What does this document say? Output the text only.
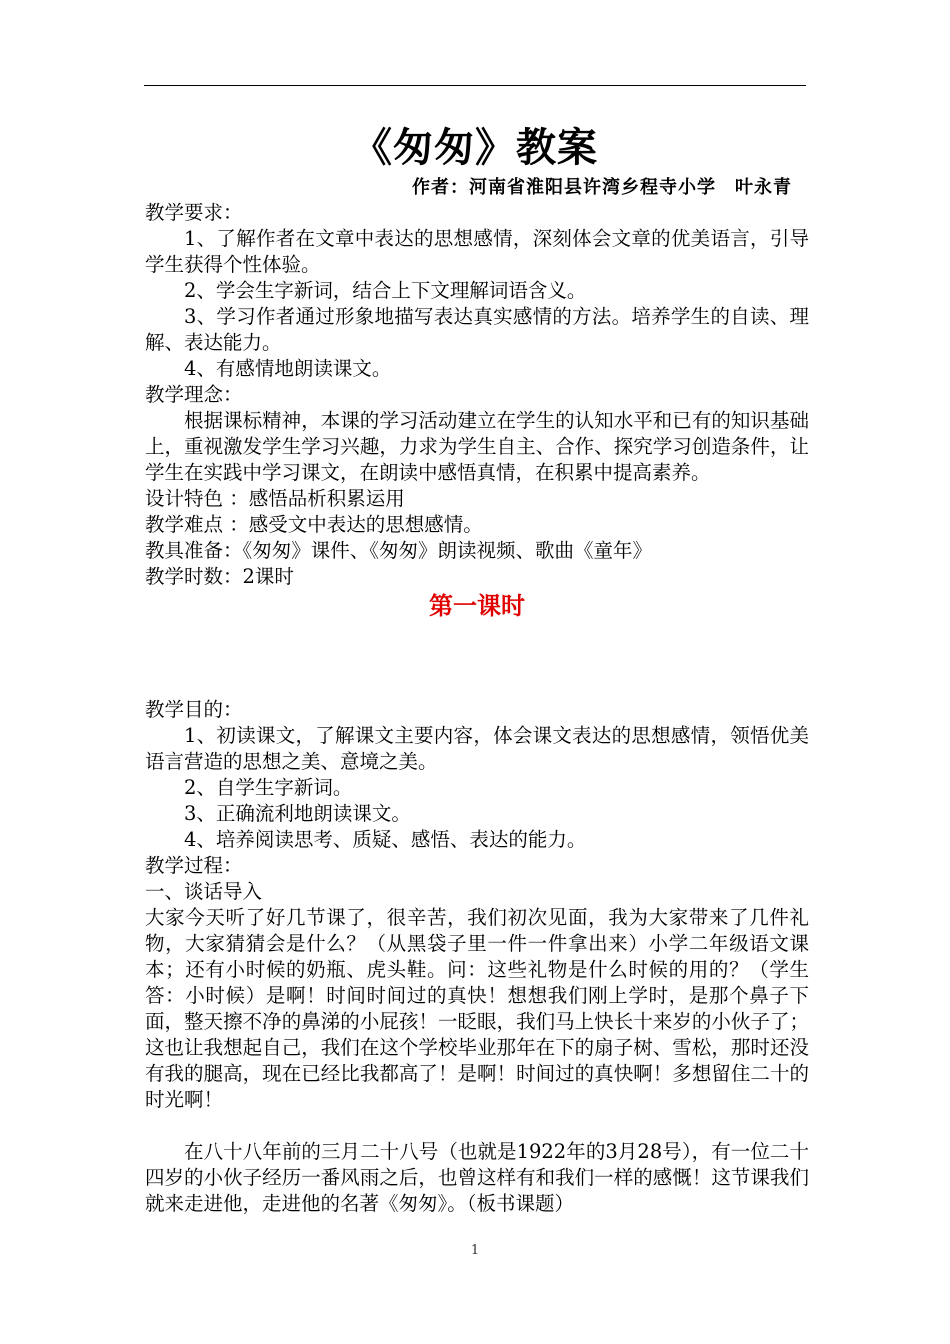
《匆匆》教案
作者：河南省淮阳县许湾乡程寺小学　叶永青

教学要求：

1、了解作者在文章中表达的思想感情，深刻体会文章的优美语言，引导学生获得个性体验。

2、学会生字新词，结合上下文理解词语含义。

3、学习作者通过形象地描写表达真实感情的方法。培养学生的自读、理解、表达能力。

4、有感情地朗读课文。

教学理念：

根据课标精神，本课的学习活动建立在学生的认知水平和已有的知识基础上，重视激发学生学习兴趣，力求为学生自主、合作、探究学习创造条件，让学生在实践中学习课文，在朗读中感悟真情，在积累中提高素养。

设计特色 ：感悟品析积累运用

教学难点 ：感受文中表达的思想感情。

教具准备：《匆匆》课件、《匆匆》朗读视频、歌曲《童年》

教学时数：2课时

第一课时

教学目的：

1、初读课文，了解课文主要内容，体会课文表达的思想感情，领悟优美语言营造的思想之美、意境之美。

2、自学生字新词。

3、正确流利地朗读课文。

4、培养阅读思考、质疑、感悟、表达的能力。

教学过程：

一、谈话导入

大家今天听了好几节课了，很辛苦，我们初次见面，我为大家带来了几件礼物，大家猜猜会是什么？（从黑袋子里一件一件拿出来）小学二年级语文课本；还有小时候的奶瓶、虎头鞋。问：这些礼物是什么时候的用的？（学生答：小时候）是啊！时间时间过的真快！想想我们刚上学时，是那个鼻子下面，整天擦不净的鼻涕的小屁孩！一眨眼，我们马上快长十来岁的小伙子了；这也让我想起自己，我们在这个学校毕业那年在下的扇子树、雪松，那时还没有我的腿高，现在已经比我都高了！是啊！时间过的真快啊！多想留住二十的时光啊！

在八十八年前的三月二十八号（也就是1922年的3月28号），有一位二十四岁的小伙子经历一番风雨之后，也曾这样有和我们一样的感慨！这节课我们就来走进他，走进他的名著《匆匆》。（板书课题）

1
